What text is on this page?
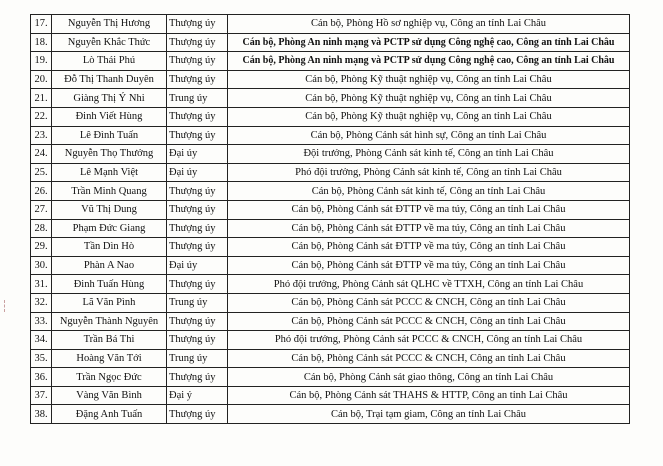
17.	Nguyễn Thị Hương	Thượng úy	Cán bộ, Phòng Hồ sơ nghiệp vụ, Công an tỉnh Lai Châu
18.	Nguyễn Khắc Thức	Thượng úy	Cán bộ, Phòng An ninh mạng và PCTP sử dụng Công nghệ cao, Công an tỉnh Lai Châu
19.	Lò Thái Phú	Thượng úy	Cán bộ, Phòng An ninh mạng và PCTP sử dụng Công nghệ cao, Công an tỉnh Lai Châu
20.	Đỗ Thị Thanh Duyên	Thượng úy	Cán bộ, Phòng Kỹ thuật nghiệp vụ, Công an tỉnh Lai Châu
21.	Giàng Thị Ý Nhi	Trung úy	Cán bộ, Phòng Kỹ thuật nghiệp vụ, Công an tỉnh Lai Châu
22.	Đinh Viết Hùng	Thượng úy	Cán bộ, Phòng Kỹ thuật nghiệp vụ, Công an tỉnh Lai Châu
23.	Lê Đình Tuấn	Thượng úy	Cán bộ, Phòng Cảnh sát hình sự, Công an tỉnh Lai Châu
24.	Nguyễn Thọ Thưởng	Đại úy	Đội trưởng, Phòng Cảnh sát kinh tế, Công an tỉnh Lai Châu
25.	Lê Mạnh Việt	Đại úy	Phó đội trưởng, Phòng Cảnh sát kinh tế, Công an tỉnh Lai Châu
26.	Trần Minh Quang	Thượng úy	Cán bộ, Phòng Cảnh sát kinh tế, Công an tỉnh Lai Châu
27.	Vũ Thị Dung	Thượng úy	Cán bộ, Phòng Cảnh sát ĐTTP về ma túy, Công an tỉnh Lai Châu
28.	Phạm Đức Giang	Thượng úy	Cán bộ, Phòng Cảnh sát ĐTTP về ma túy, Công an tỉnh Lai Châu
29.	Tần Dìn Hò	Thượng úy	Cán bộ, Phòng Cảnh sát ĐTTP về ma túy, Công an tỉnh Lai Châu
30.	Phàn A Nao	Đại úy	Cán bộ, Phòng Cảnh sát ĐTTP về ma túy, Công an tỉnh Lai Châu
31.	Đinh Tuấn Hùng	Thượng úy	Phó đội trưởng, Phòng Cảnh sát QLHC về TTXH, Công an tỉnh Lai Châu
32.	Lã Văn Pình	Trung úy	Cán bộ, Phòng Cảnh sát PCCC & CNCH, Công an tỉnh Lai Châu
33.	Nguyễn Thành Nguyên	Thượng úy	Cán bộ, Phòng Cảnh sát PCCC & CNCH, Công an tỉnh Lai Châu
34.	Trần Bá Thi	Thượng úy	Phó đội trưởng, Phòng Cảnh sát PCCC & CNCH, Công an tỉnh Lai Châu
35.	Hoàng Văn Tới	Trung úy	Cán bộ, Phòng Cảnh sát PCCC & CNCH, Công an tỉnh Lai Châu
36.	Trần Ngọc Đức	Thượng úy	Cán bộ, Phòng Cảnh sát giao thông, Công an tỉnh Lai Châu
37.	Vàng Văn Bình	Đại ý	Cán bộ, Phòng Cảnh sát THAHS & HTTP, Công an tỉnh Lai Châu
38.	Đặng Anh Tuấn	Thượng úy	Cán bộ, Trại tạm giam, Công an tỉnh Lai Châu
